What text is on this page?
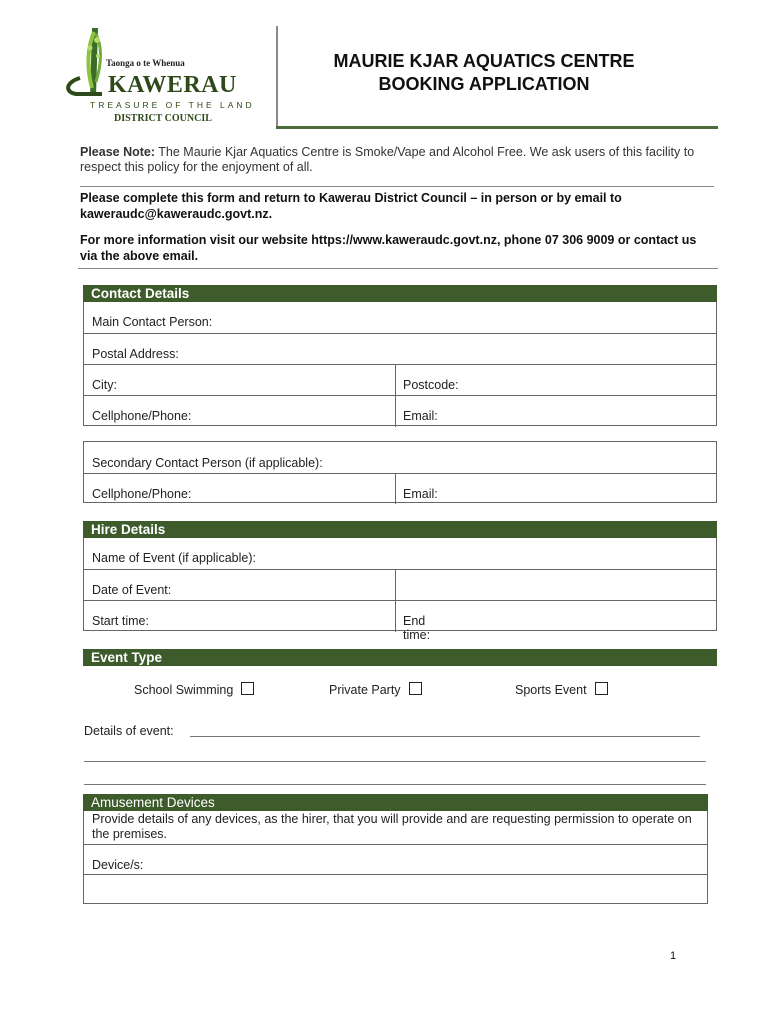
Taonga o te Whenua
KAWERAU
TREASURE OF THE LAND
DISTRICT COUNCIL
MAURIE KJAR AQUATICS CENTRE
BOOKING APPLICATION
Please Note: The Maurie Kjar Aquatics Centre is Smoke/Vape and Alcohol Free. We ask users of this facility to respect this policy for the enjoyment of all.
Please complete this form and return to Kawerau District Council – in person or by email to kaweraudc@kaweraudc.govt.nz.
For more information visit our website https://www.kaweraudc.govt.nz, phone 07 306 9009 or contact us via the above email.
Contact Details
Main Contact Person:
Postal Address:
City:	Postcode:
Cellphone/Phone:	Email:
Secondary Contact Person (if applicable):
Cellphone/Phone:	Email:
Hire Details
Name of Event (if applicable):
Date of Event:
Start time:	End time:
Event Type
School Swimming	Private Party	Sports Event
Details of event:
Amusement Devices
Provide details of any devices, as the hirer, that you will provide and are requesting permission to operate on the premises.
Device/s:
1
